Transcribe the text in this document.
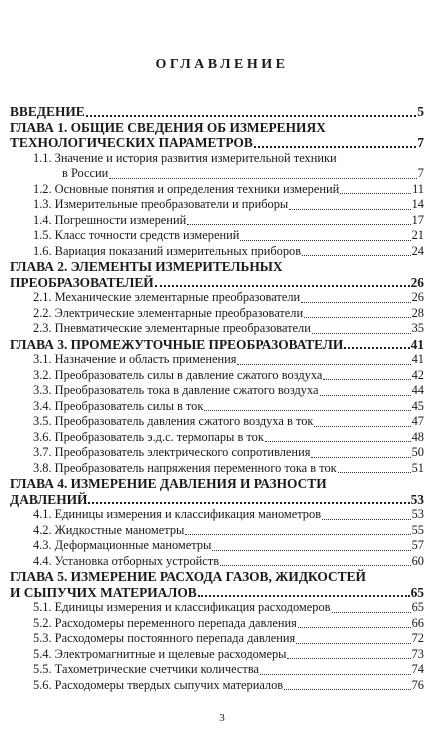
ОГЛАВЛЕНИЕ
ВВЕДЕНИЕ	5
ГЛАВА 1. ОБЩИЕ СВЕДЕНИЯ ОБ ИЗМЕРЕНИЯХ
ТЕХНОЛОГИЧЕСКИХ ПАРАМЕТРОВ	7
1.1. Значение и история развития измерительной техники
в России	7
1.2. Основные понятия и определения техники измерений	11
1.3. Измерительные преобразователи и приборы	14
1.4. Погрешности измерений	17
1.5. Класс точности средств измерений	21
1.6. Вариация показаний измерительных приборов	24
ГЛАВА 2. ЭЛЕМЕНТЫ ИЗМЕРИТЕЛЬНЫХ
ПРЕОБРАЗОВАТЕЛЕЙ	26
2.1. Механические элементарные преобразователи	26
2.2. Электрические элементарные преобразователи	28
2.3. Пневматические элементарные преобразователи	35
ГЛАВА 3. ПРОМЕЖУТОЧНЫЕ ПРЕОБРАЗОВАТЕЛИ	41
3.1. Назначение и область применения	41
3.2. Преобразователь силы в давление сжатого воздуха	42
3.3. Преобразователь тока в давление сжатого воздуха	44
3.4. Преобразователь силы в ток	45
3.5. Преобразователь давления сжатого воздуха в ток	47
3.6. Преобразователь э.д.с. термопары в ток	48
3.7. Преобразователь электрического сопротивления	50
3.8. Преобразователь напряжения переменного тока в ток	51
ГЛАВА 4. ИЗМЕРЕНИЕ ДАВЛЕНИЯ И РАЗНОСТИ
ДАВЛЕНИЙ	53
4.1. Единицы измерения и классификация манометров	53
4.2. Жидкостные манометры	55
4.3. Деформационные манометры	57
4.4. Установка отборных устройств	60
ГЛАВА 5. ИЗМЕРЕНИЕ РАСХОДА ГАЗОВ, ЖИДКОСТЕЙ
И СЫПУЧИХ МАТЕРИАЛОВ	65
5.1. Единицы измерения и классификация расходомеров	65
5.2. Расходомеры переменного перепада давления	66
5.3. Расходомеры постоянного перепада давления	72
5.4. Электромагнитные и щелевые расходомеры	73
5.5. Тахометрические счетчики количества	74
5.6. Расходомеры твердых сыпучих материалов	76
3
